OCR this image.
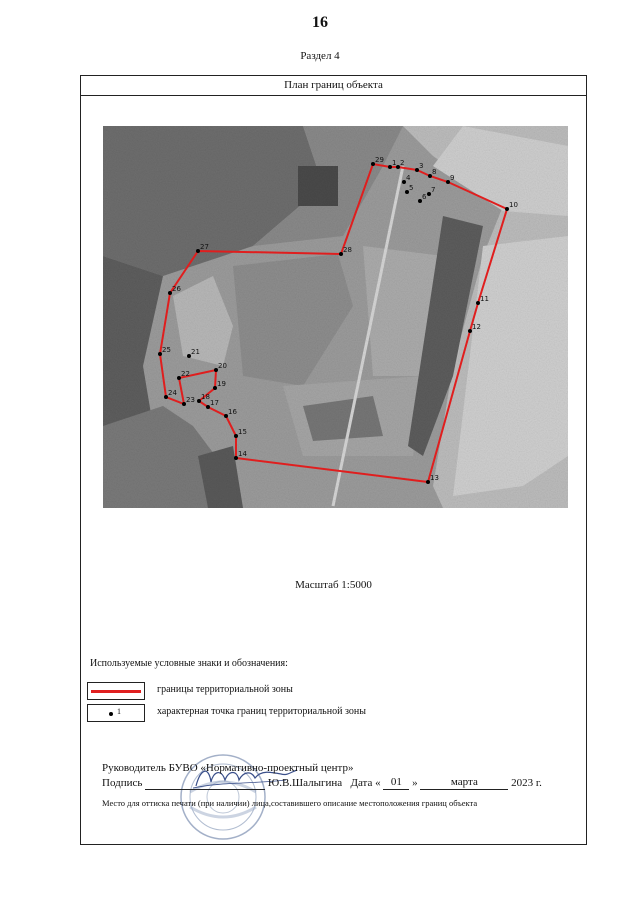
16
Раздел 4
План границ объекта
1 2 3
4
5
6
7
8
9
10
11
12
13
14
15
16
17
18
19
20
21
22
23
24
25
26
27	28
29
Масштаб 1:5000
Используемые условные знаки и обозначения:
границы территориальной зоны
1	характерная точка границ территориальной зоны
Руководитель БУВО «Нормативно-проектный центр»
Подпись	Ю.В.Шалыгина Дата « 01 »	марта	2023 г.
Место для оттиска печати (при наличии) лица,составившего описание местоположения границ объекта
